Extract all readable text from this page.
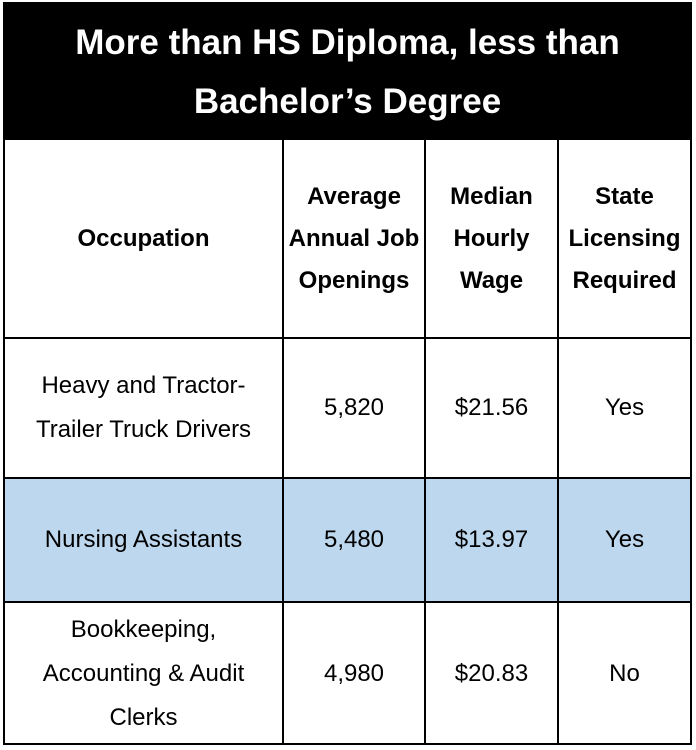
More than HS Diploma, less than Bachelor’s Degree
Occupation	Average Annual Job Openings	Median Hourly Wage	State Licensing Required
Heavy and Tractor-Trailer Truck Drivers	5,820	$21.56	Yes
Nursing Assistants	5,480	$13.97	Yes
Bookkeeping, Accounting & Audit Clerks	4,980	$20.83	No
